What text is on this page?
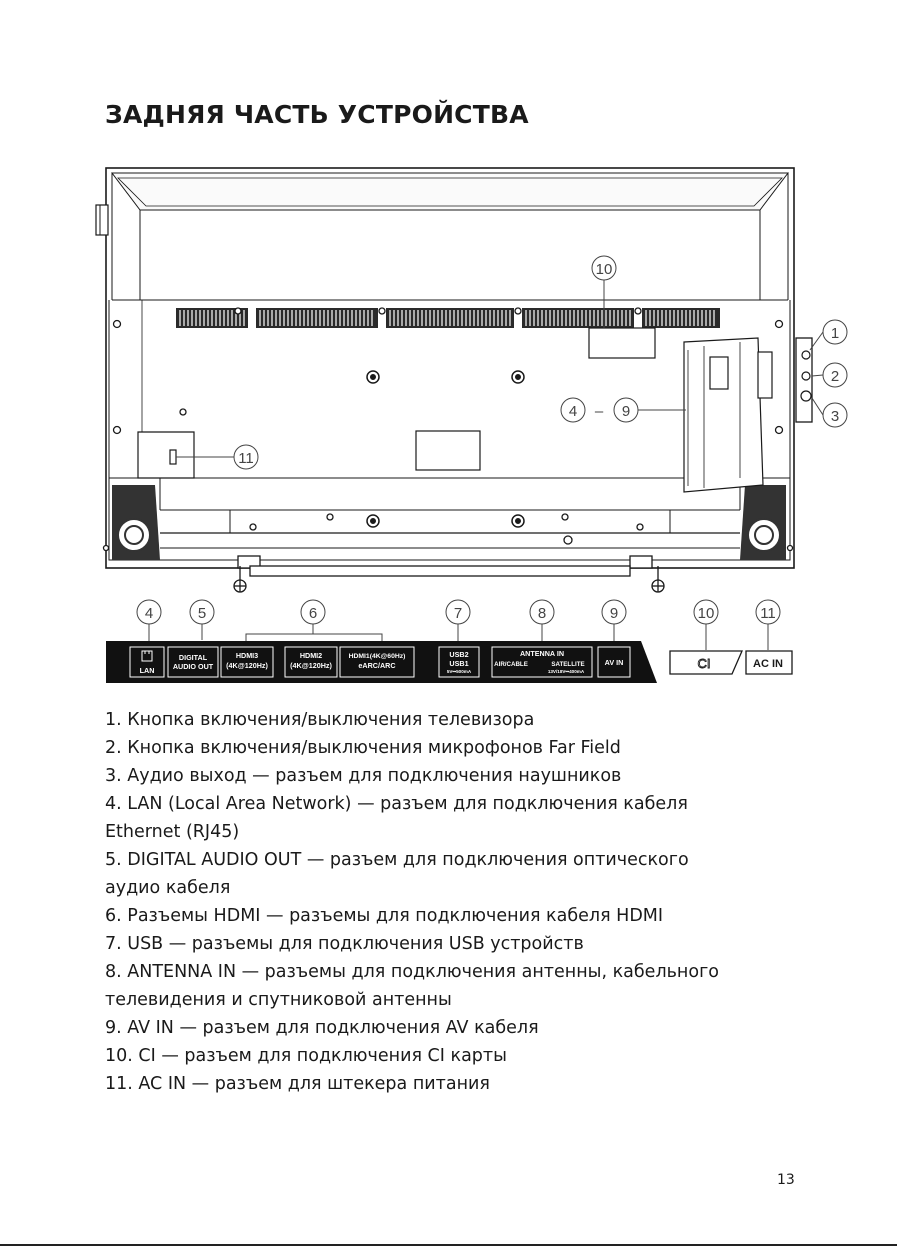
ЗАДНЯЯ ЧАСТЬ УСТРОЙСТВА
10
1
2
3
4 – 9
11
4	5	6	7	8	9	10	11
LAN
DIGITAL
AUDIO OUT
HDMI3
(4K@120Hz)
HDMI2
(4K@120Hz)
HDMI1(4K@60Hz)
eARC/ARC
USB2
USB1
5V⎓500mA
ANTENNA IN
AIR/CABLE	SATELLITE
13V/18V⎓400mA
AV IN	CI	AC IN
1. Кнопка включения/выключения телевизора
2. Кнопка включения/выключения микрофонов Far Field
3. Аудио выход — разъем для подключения наушников
4. LAN (Local Area Network) — разъем для подключения кабеля
Ethernet (RJ45)
5. DIGITAL AUDIO OUT — разъем для подключения оптического
аудио кабеля
6. Разъемы HDMI — разъемы для подключения кабеля HDMI
7. USB — разъемы для подключения USB устройств
8. ANTENNA IN — разъемы для подключения антенны, кабельного
телевидения и спутниковой антенны
9. AV IN — разъем для подключения AV кабеля
10. CI — разъем для подключения CI карты
11. AC IN — разъем для штекера питания
13
